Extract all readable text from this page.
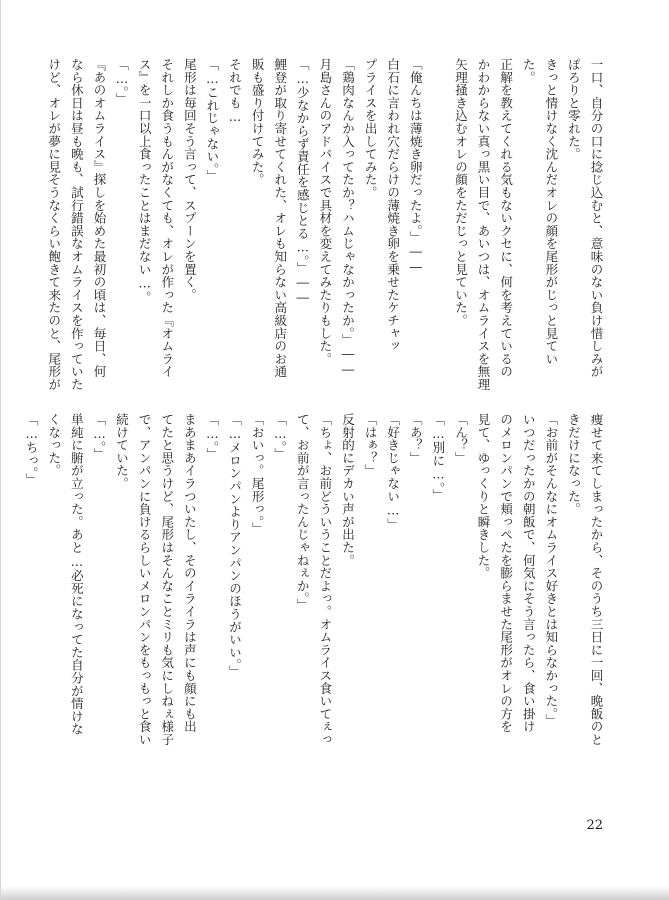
一口、自分の口に捻じ込むと、意味のない負け惜しみが
ぽろりと零れた。
きっと情けなく沈んだオレの顔を尾形がじっと見てい
た。
正解を教えてくれる気もないクセに、何を考えているの
かわからない真っ黒い目で、あいつは、オムライスを無理
矢理掻き込むオレの顔をただじっと見ていた。

「俺んちは薄焼き卵だったよ。」――
白石に言われ穴だらけの薄焼き卵を乗せたケチャッ
プライスを出してみた。
「鶏肉なんか入ってたか？ハムじゃなかったか。」――
月島さんのアドバイスで具材を変えてみたりもした。
「…少なからず責任を感じとる…。」――
鯉登が取り寄せてくれた、オレも知らない高級店のお通
販も盛り付けてみた。
それでも…
「…これじゃない。」
尾形は毎回そう言って、スプーンを置く。
それしか食うもんがなくても、オレが作った『オムライ
ス』を一口以上食ったことはまだない…。
「…。」
『あのオムライス』探しを始めた最初の頃は、毎日、何
なら休日は昼も晩も、試行錯誤なオムライスを作っていた
けど、オレが夢に見そうなくらい飽きて来たのと、尾形が
痩せて来てしまったから、そのうち三日に一回、晩飯のと
きだけになった。
「お前がそんなにオムライス好きとは知らなかった。」
いつだったかの朝飯で、何気にそう言ったら、食い掛け
のメロンパンで頬っぺたを膨らませた尾形がオレの方を
見て、ゆっくりと瞬きした。
「ん？」
「…別に…。」
「あ？」
「好きじゃない…」
「はぁ？」
反射的にデカい声が出た。
「ちょ、お前どういうことだよっ。オムライス食いてぇっ
て、お前が言ったんじゃねぇか。」
「…。」
「おいっ。尾形っ。」
「…メロンパンよりアンパンのほうがいい。」
「…。」
まあまあイラついたし、そのイライラは声にも顔にも出
てたと思うけど、尾形はそんなことミリも気にしねぇ様子
で、アンパンに負けるらしいメロンパンをもっもっと食い
続けていた。
「…。」
単純に腑が立った。あと…必死になってた自分が情けな
くなった。
「…ちっ。」
22
